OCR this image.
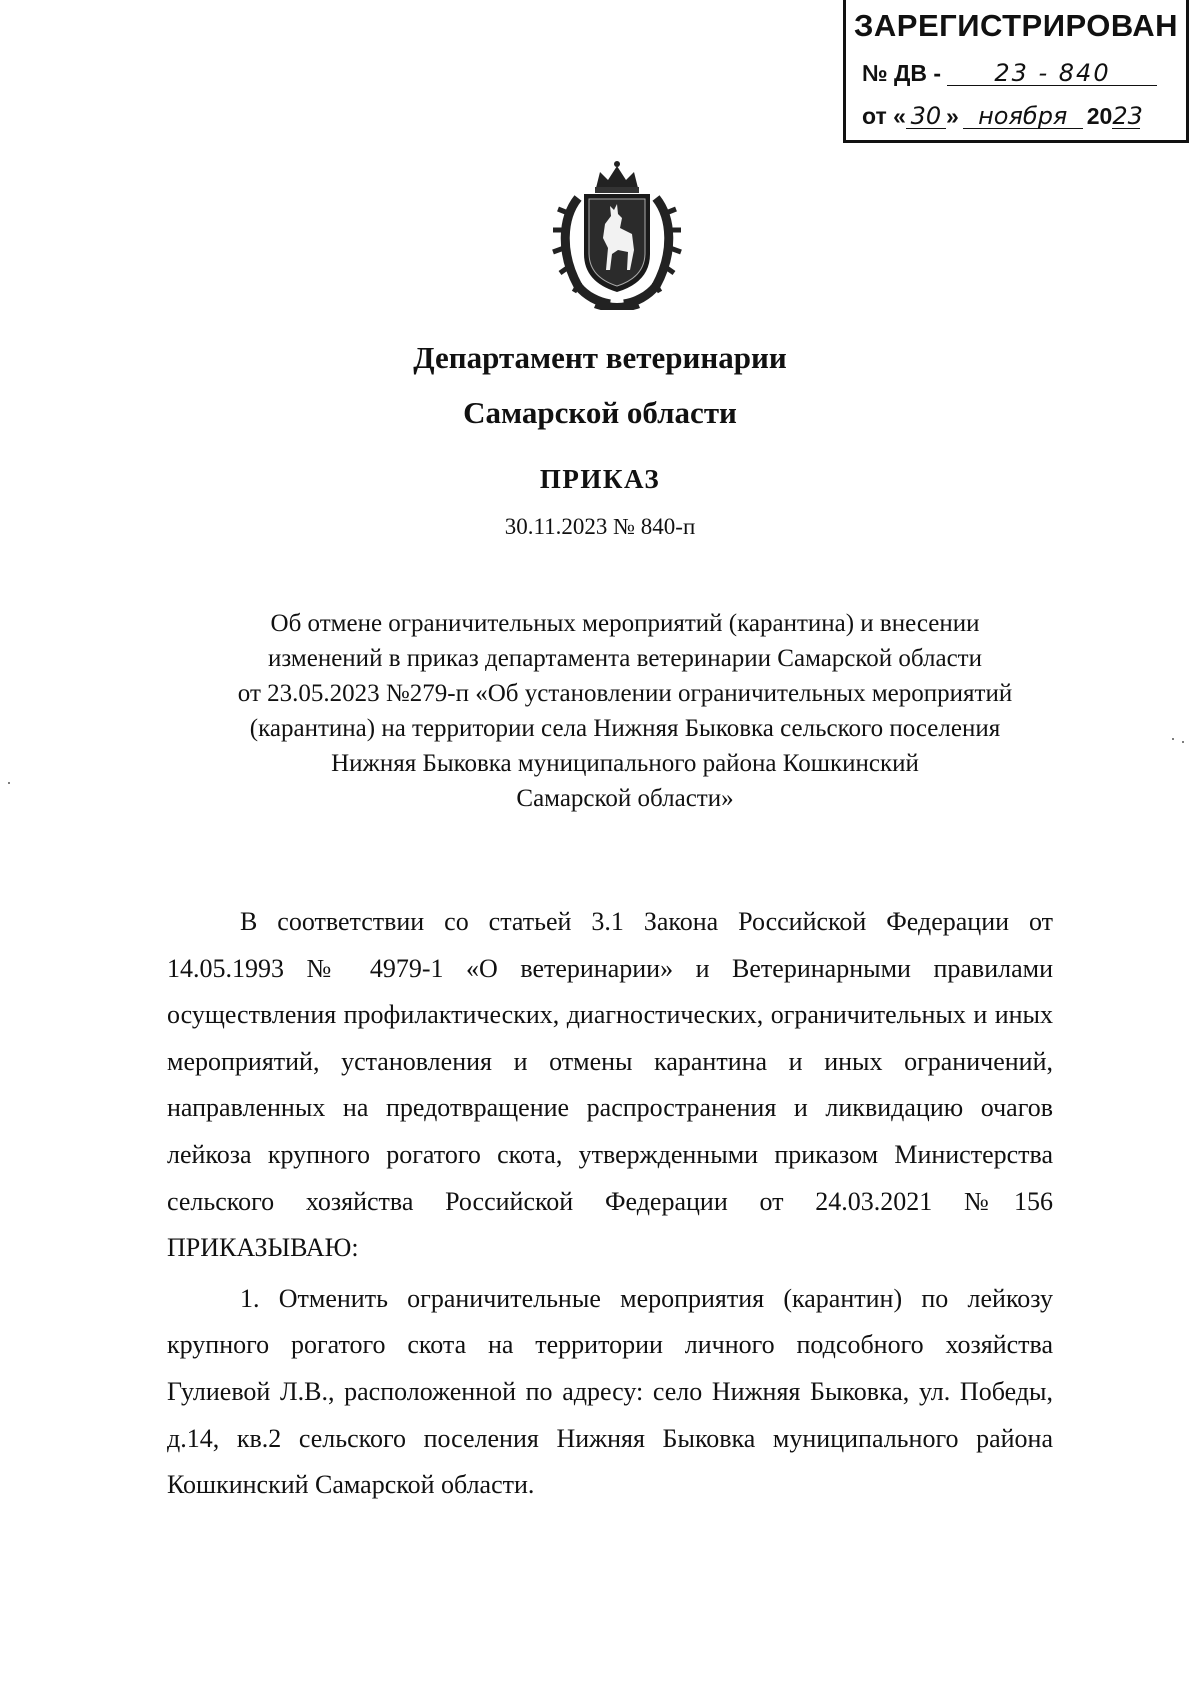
ЗАРЕГИСТРИРОВАН
№ ДВ - 23 - 840
от « 30 » ноября 2023
Департамент ветеринарии
Самарской области
ПРИКАЗ
30.11.2023 № 840-п
Об отмене ограничительных мероприятий (карантина) и внесении
изменений в приказ департамента ветеринарии Самарской области
от 23.05.2023 №279-п «Об установлении ограничительных мероприятий
(карантина) на территории села Нижняя Быковка сельского поселения
Нижняя Быковка муниципального района Кошкинский
Самарской области»

В соответствии со статьей 3.1 Закона Российской Федерации от 14.05.1993 № 4979-1 «О ветеринарии» и Ветеринарными правилами осуществления профилактических, диагностических, ограничительных и иных мероприятий, установления и отмены карантина и иных ограничений, направленных на предотвращение распространения и ликвидацию очагов лейкоза крупного рогатого скота, утвержденными приказом Министерства сельского хозяйства Российской Федерации от 24.03.2021 №156 ПРИКАЗЫВАЮ:

1. Отменить ограничительные мероприятия (карантин) по лейкозу крупного рогатого скота на территории личного подсобного хозяйства Гулиевой Л.В., расположенной по адресу: село Нижняя Быковка, ул. Победы, д.14, кв.2 сельского поселения Нижняя Быковка муниципального района Кошкинский Самарской области.
